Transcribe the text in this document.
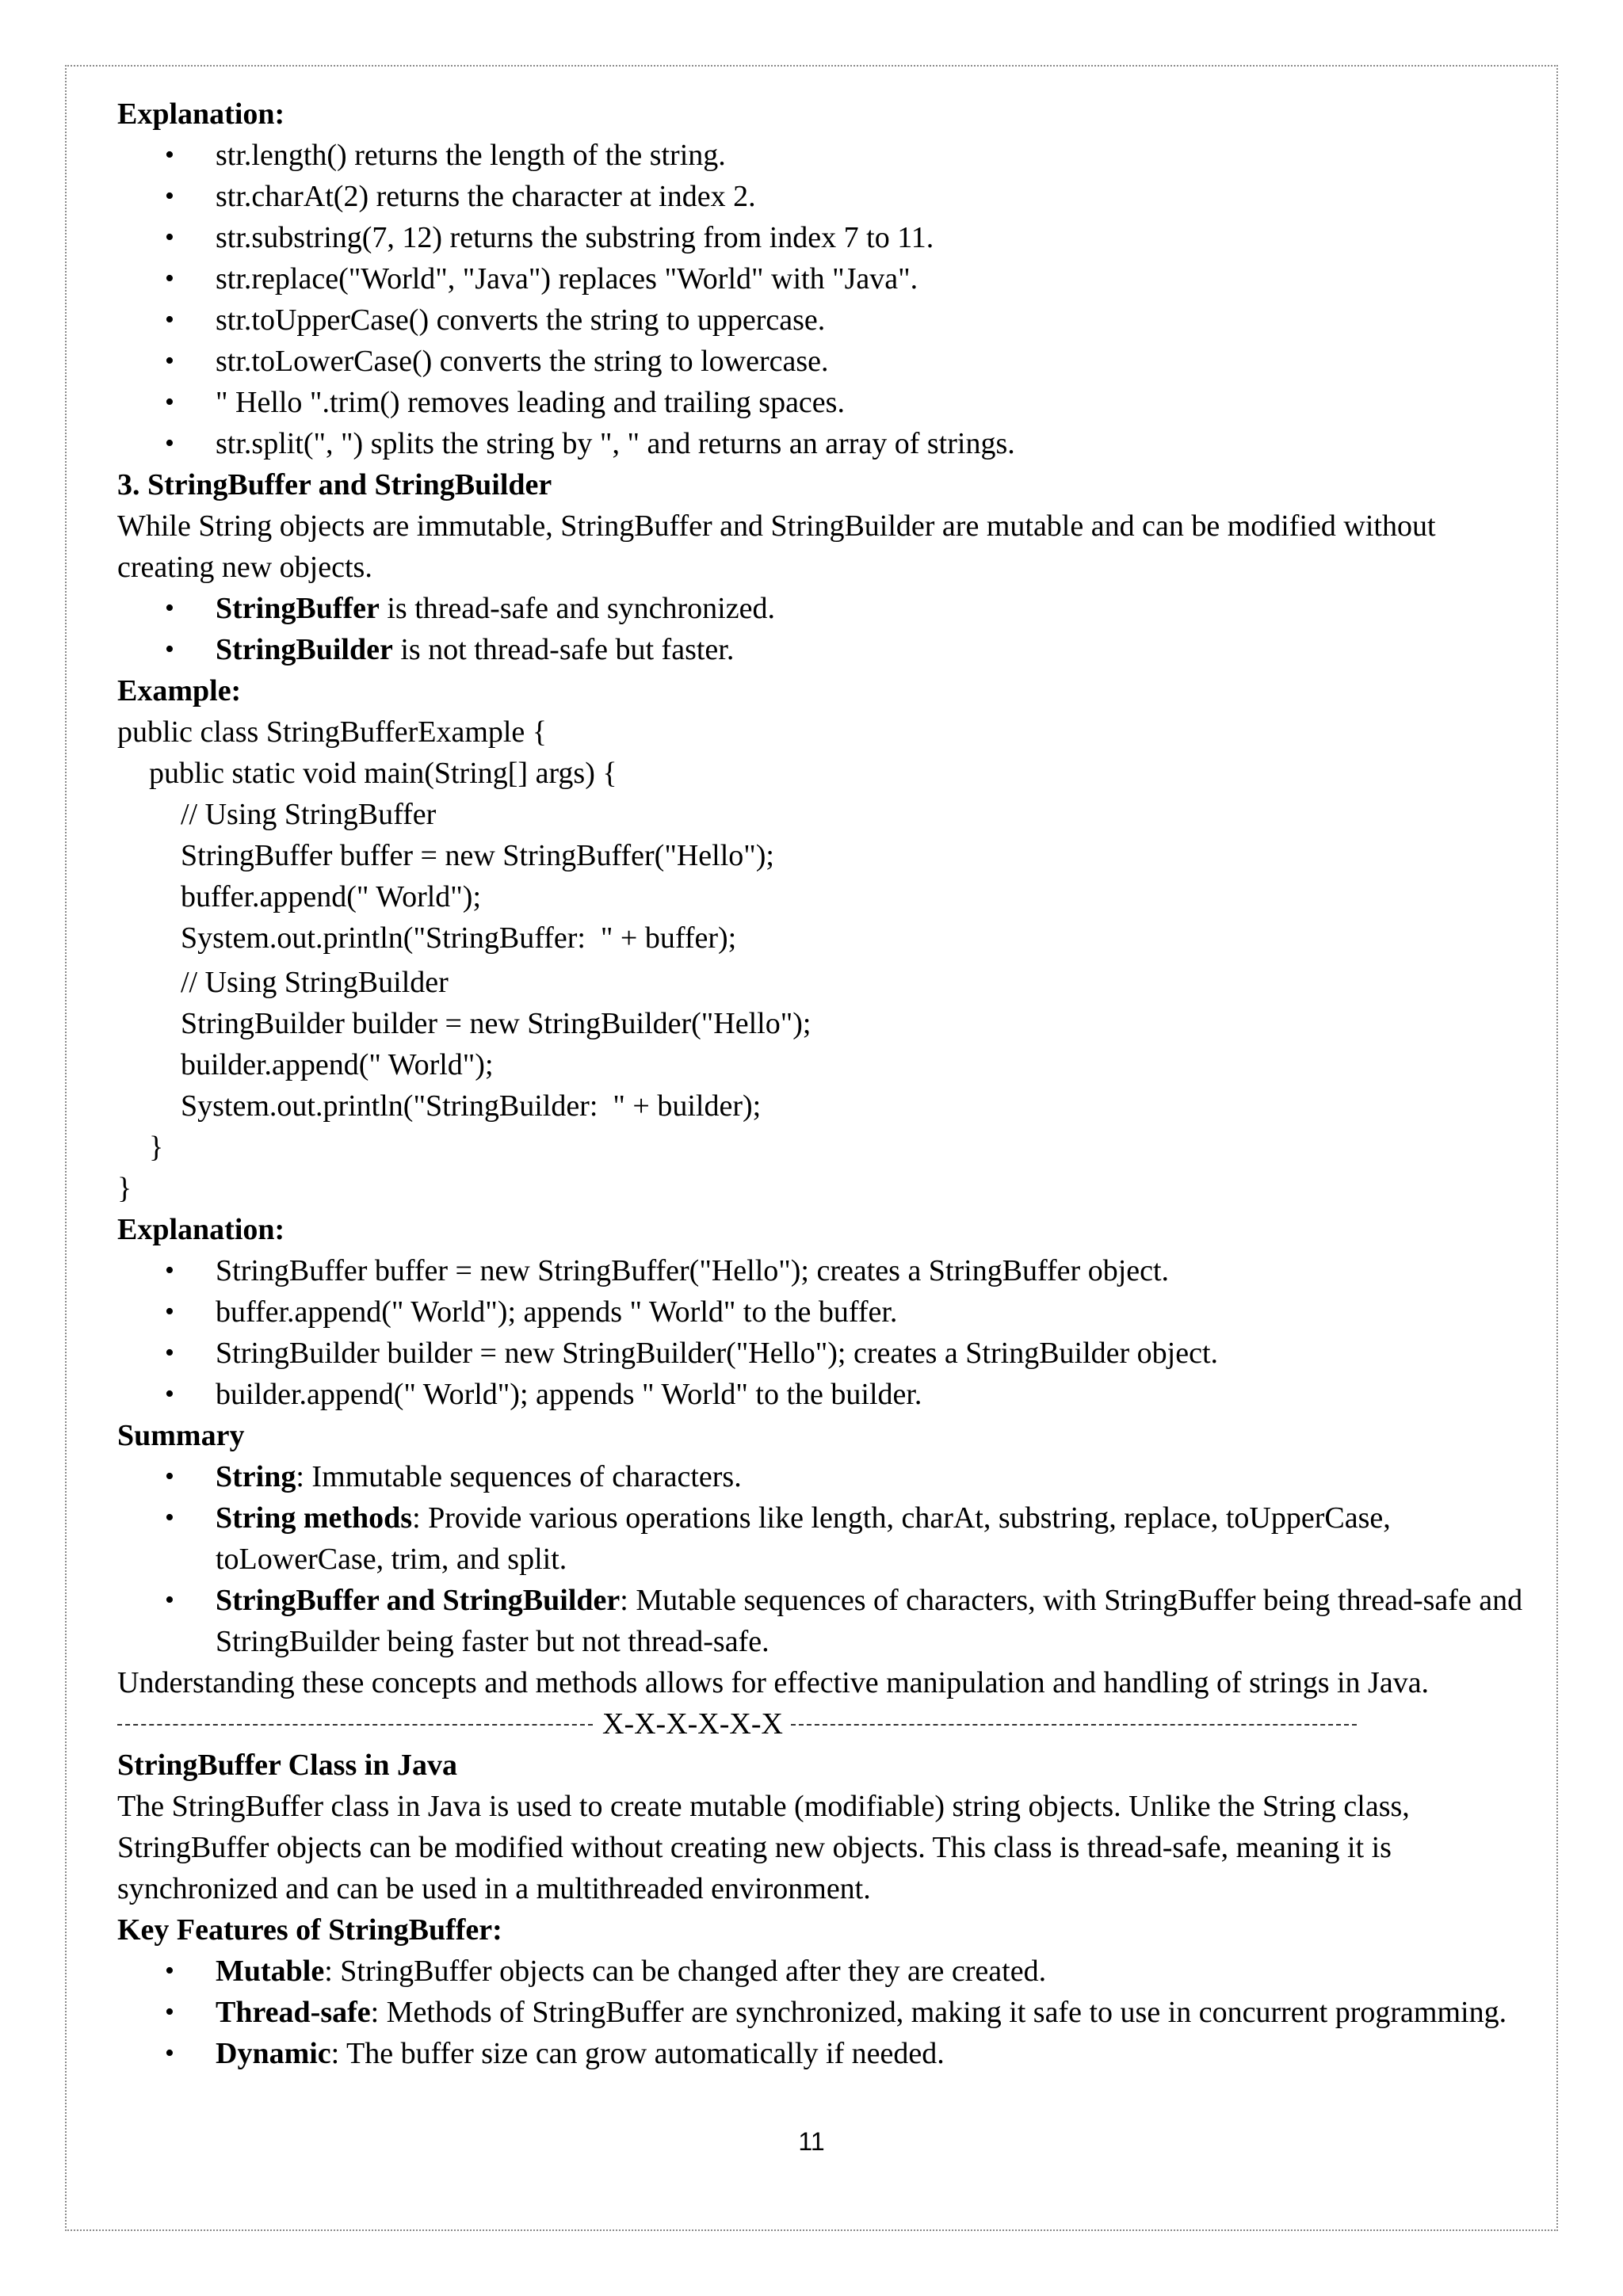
Explanation:

• str.length() returns the length of the string.
• str.charAt(2) returns the character at index 2.
• str.substring(7, 12) returns the substring from index 7 to 11.
• str.replace("World", "Java") replaces "World" with "Java".
• str.toUpperCase() converts the string to uppercase.
• str.toLowerCase() converts the string to lowercase.
• " Hello ".trim() removes leading and trailing spaces.
• str.split(", ") splits the string by ", " and returns an array of strings.

3. StringBuffer and StringBuilder

While String objects are immutable, StringBuffer and StringBuilder are mutable and can be modified without creating new objects.

• StringBuffer is thread-safe and synchronized.
• StringBuilder is not thread-safe but faster.

Example:

public class StringBufferExample {
public static void main(String[] args) {
// Using StringBuffer
StringBuffer buffer = new StringBuffer("Hello");
buffer.append(" World");
System.out.println("StringBuffer:  " + buffer);
// Using StringBuilder
StringBuilder builder = new StringBuilder("Hello");
builder.append(" World");
System.out.println("StringBuilder:  " + builder);
}
}

Explanation:

• StringBuffer buffer = new StringBuffer("Hello"); creates a StringBuffer object.
• buffer.append(" World"); appends " World" to the buffer.
• StringBuilder builder = new StringBuilder("Hello"); creates a StringBuilder object.
• builder.append(" World"); appends " World" to the builder.

Summary

• String: Immutable sequences of characters.
• String methods: Provide various operations like length, charAt, substring, replace, toUpperCase, toLowerCase, trim, and split.
• StringBuffer and StringBuilder: Mutable sequences of characters, with StringBuffer being thread-safe and StringBuilder being faster but not thread-safe.

Understanding these concepts and methods allows for effective manipulation and handling of strings in Java.

X-X-X-X-X-X

StringBuffer Class in Java

The StringBuffer class in Java is used to create mutable (modifiable) string objects. Unlike the String class, StringBuffer objects can be modified without creating new objects. This class is thread-safe, meaning it is synchronized and can be used in a multithreaded environment.

Key Features of StringBuffer:

• Mutable: StringBuffer objects can be changed after they are created.
• Thread-safe: Methods of StringBuffer are synchronized, making it safe to use in concurrent programming.
• Dynamic: The buffer size can grow automatically if needed.
11
